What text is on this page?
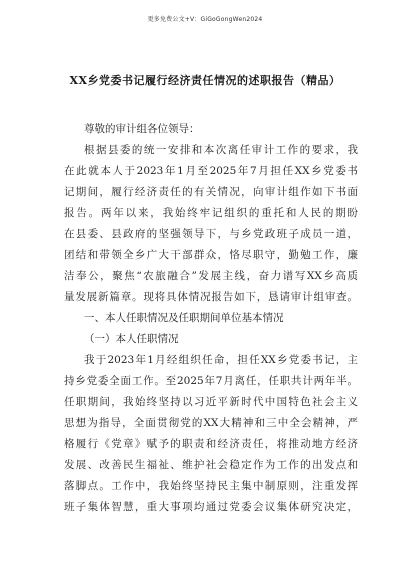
更多免费公文+V：GiGoGongWen2024
XX乡党委书记履行经济责任情况的述职报告（精品）
尊敬的审计组各位领导：
根据县委的统一安排和本次离任审计工作的要求，我
在此就本人于2023年1月至2025年7月担任XX乡党委书
记期间，履行经济责任的有关情况，向审计组作如下书面
报告。两年以来，我始终牢记组织的重托和人民的期盼
在县委、县政府的坚强领导下，与乡党政班子成员一道，
团结和带领全乡广大干部群众，恪尽职守，勤勉工作，廉
洁奉公，聚焦“农旅融合”发展主线，奋力谱写XX乡高质
量发展新篇章。现将具体情况报告如下，恳请审计组审查。
一、本人任职情况及任职期间单位基本情况
（一）本人任职情况
我于2023年1月经组织任命，担任XX乡党委书记，主
持乡党委全面工作。至2025年7月离任，任职共计两年半。
任职期间，我始终坚持以习近平新时代中国特色社会主义
思想为指导，全面贯彻党的XX大精神和三中全会精神，严
格履行《党章》赋予的职责和经济责任，将推动地方经济
发展、改善民生福祉、维护社会稳定作为工作的出发点和
落脚点。工作中，我始终坚持民主集中制原则，注重发挥
班子集体智慧，重大事项均通过党委会议集体研究决定，
